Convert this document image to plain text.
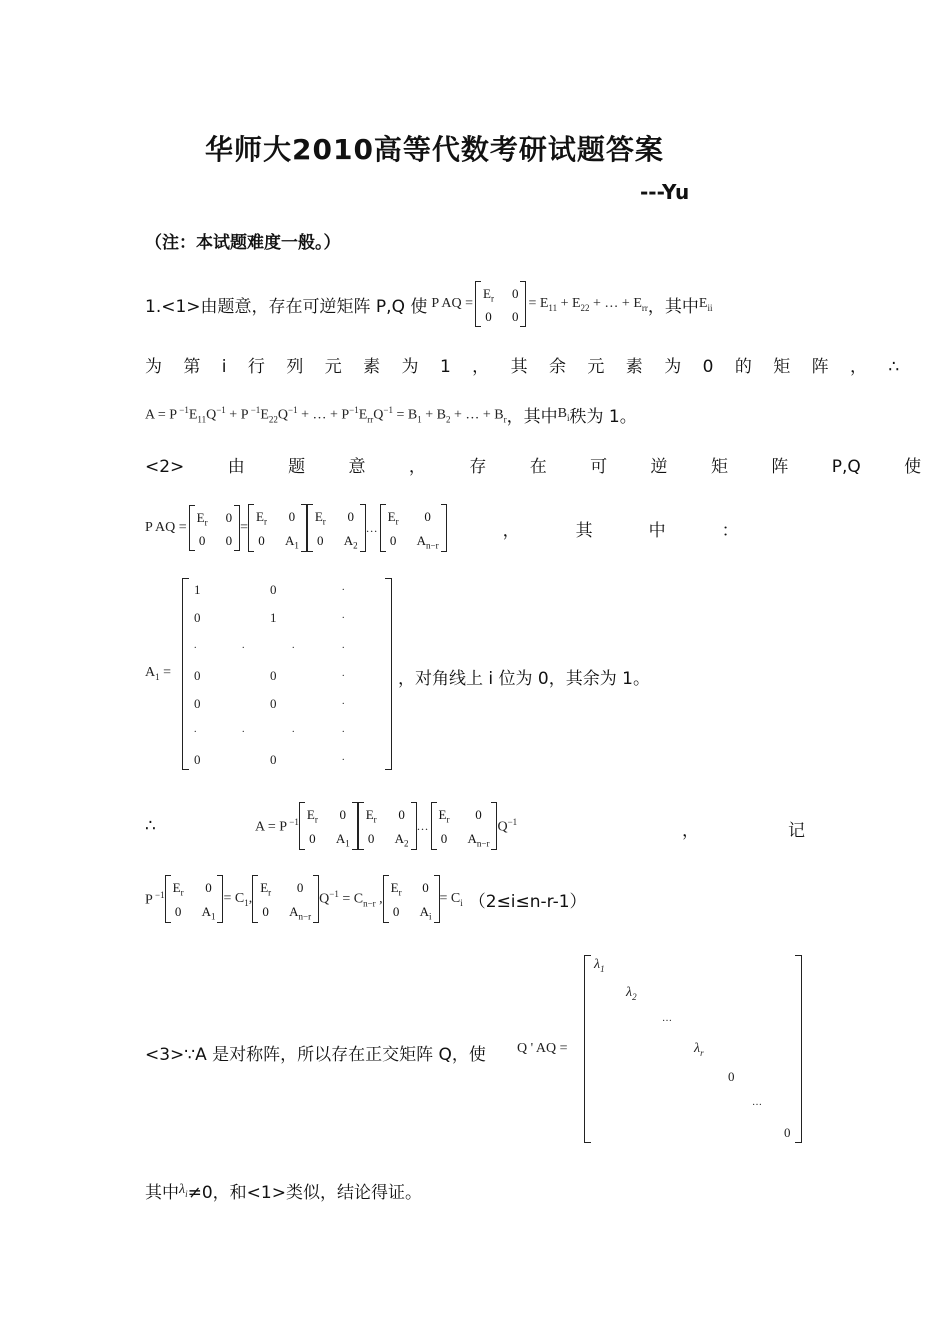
华师大2010高等代数考研试题答案
---Yu
（注：本试题难度一般。）
1.<1>由题意，存在可逆矩阵 P,Q 使 P AQ =
$E_r$ 0
0 0
= $E_{11} + E_{22}$ + … + $E_{rr}$ ，其中 $E_{ii}$
为 第 i 行 列 元 素 为 1 ， 其 余 元 素 为 0 的 矩 阵 ， ∴
A = P $^{-1}E_{11}Q^{-1} + P$ $^{-1}E_{22}Q^{-1}$ + … + $P^{-1}E_{rr}Q^{-1} = B_1 + B_2$ + … + $B_r$ ，其中 $B_i$ 秩为 1。
<2> 由 题 意 ， 存 在 可 逆 矩 阵 P,Q 使
P AQ =
$E_r$ 0
0 0
=
$E_r$ 0
0 $A_1$
$E_r$ 0
0 $A_2$
…
$E_r$	0
0 $A_{n-r}$
，	其	中	：
$A_1$ =
1	0	.
0	1	.
.	.	.	.
0	0	.
0	0	.
.	.	.	.
0	0	.
，对角线上 i 位为 0，其余为 1。
∴	A = P $^{-1}$ $E_r$ 0
0 $A_1$
$E_r$ 0
0 $A_2$
…
$E_r$	0
0 $A_{n-r}$
$Q^{-1}$	，	记
P $^{-1}$ $E_r$ 0
0 $A_1$
= $C_1$,
$E_r$	0
0 $A_{n-r}$
$Q^{-1} = C_{n-r}$ ,
$E_r$ 0
0 $A_i$
= $C_i$ （2≤i≤n-r-1）
<3>∵A 是对称阵，所以存在正交矩阵 Q，使 Q ' AQ =
$\lambda_1$
$\lambda_2$
…
$\lambda_r$
0
…
0
其中 $\lambda_i \ne 0$，和<1>类似，结论得证。
